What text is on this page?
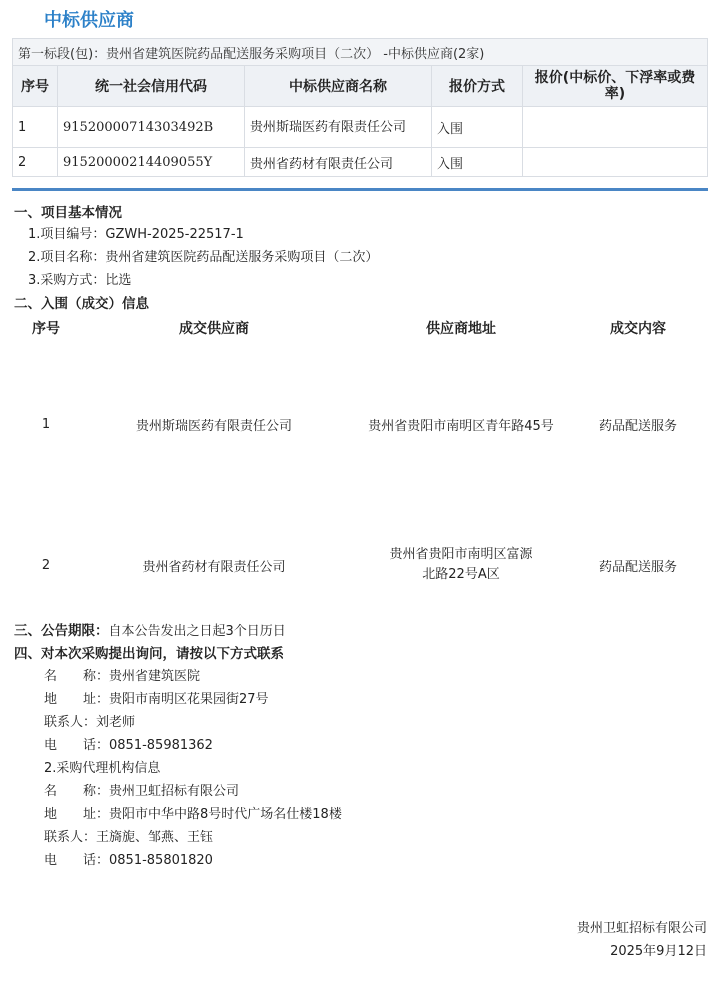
中标供应商
第一标段(包)：贵州省建筑医院药品配送服务采购项目（二次） -中标供应商(2家)				
序号	统一社会信用代码	中标供应商名称	报价方式	报价(中标价、下浮率或费率)
1	91520000714303492B	贵州斯瑞医药有限责任公司	入围	
2	91520000214409055Y	贵州省药材有限责任公司	入围	
一、项目基本情况
1.项目编号：GZWH-2025-22517-1
2.项目名称：贵州省建筑医院药品配送服务采购项目（二次）
3.采购方式：比选
二、入围（成交）信息
序号	成交供应商	供应商地址	成交内容
1	贵州斯瑞医药有限责任公司	贵州省贵阳市南明区青年路45号	药品配送服务
2	贵州省药材有限责任公司	贵州省贵阳市南明区富源北路22号A区	药品配送服务
三、公告期限：自本公告发出之日起3个日历日
四、对本次采购提出询问，请按以下方式联系
名　　称：贵州省建筑医院
地　　址：贵阳市南明区花果园街27号
联系人：刘老师
电　　话：0851-85981362
2.采购代理机构信息
名　　称：贵州卫虹招标有限公司
地　　址：贵阳市中华中路8号时代广场名仕楼18楼
联系人：王旖旎、邹燕、王钰
电　　话：0851-85801820
贵州卫虹招标有限公司
2025年9月12日
